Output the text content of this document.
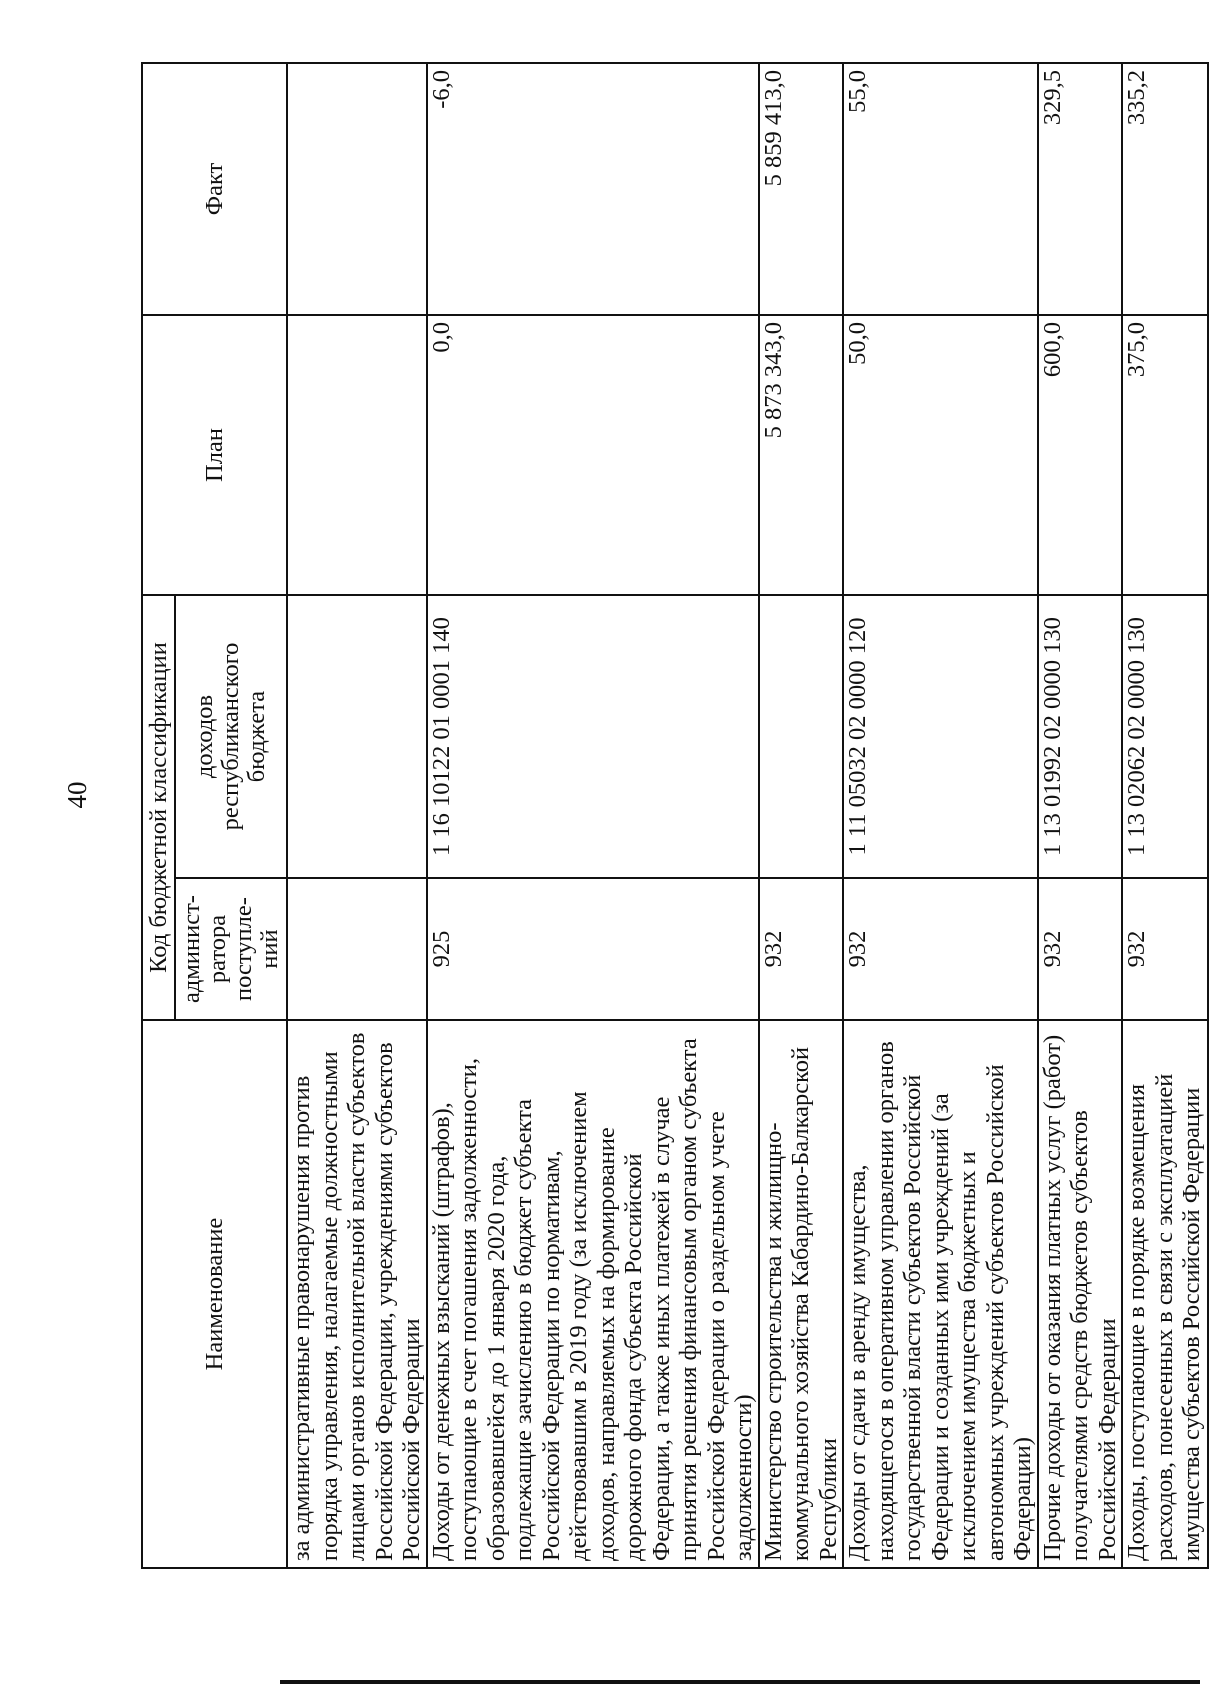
40
Наименование	Код бюджетной классификации		План	Факт
	админист-
ратора
поступле-
ний	доходов
республиканского
бюджета		
за административные правонарушения против порядка управления, налагаемые должностными лицами органов исполнительной власти субъектов Российской Федерации, учреждениями субъектов Российской Федерации				
Доходы от денежных взысканий (штрафов), поступающие в счет погашения задолженности, образовавшейся до 1 января 2020 года, подлежащие зачислению в бюджет субъекта Российской Федерации по нормативам, действовавшим в 2019 году (за исключением доходов, направляемых на формирование дорожного фонда субъекта Российской Федерации, а также иных платежей в случае принятия решения финансовым органом субъекта Российской Федерации о раздельном учете задолженности)	925	1 16 10122 01 0001 140	0,0	-6,0
Министерство строительства и жилищно-коммунального хозяйства Кабардино-Балкарской Республики	932		5 873 343,0	5 859 413,0
Доходы от сдачи в аренду имущества, находящегося в оперативном управлении органов государственной власти субъектов Российской Федерации и созданных ими учреждений (за исключением имущества бюджетных и автономных учреждений субъектов Российской Федерации)	932	1 11 05032 02 0000 120	50,0	55,0
Прочие доходы от оказания платных услуг (работ) получателями средств бюджетов субъектов Российской Федерации	932	1 13 01992 02 0000 130	600,0	329,5
Доходы, поступающие в порядке возмещения расходов, понесенных в связи с эксплуатацией имущества субъектов Российской Федерации	932	1 13 02062 02 0000 130	375,0	335,2
